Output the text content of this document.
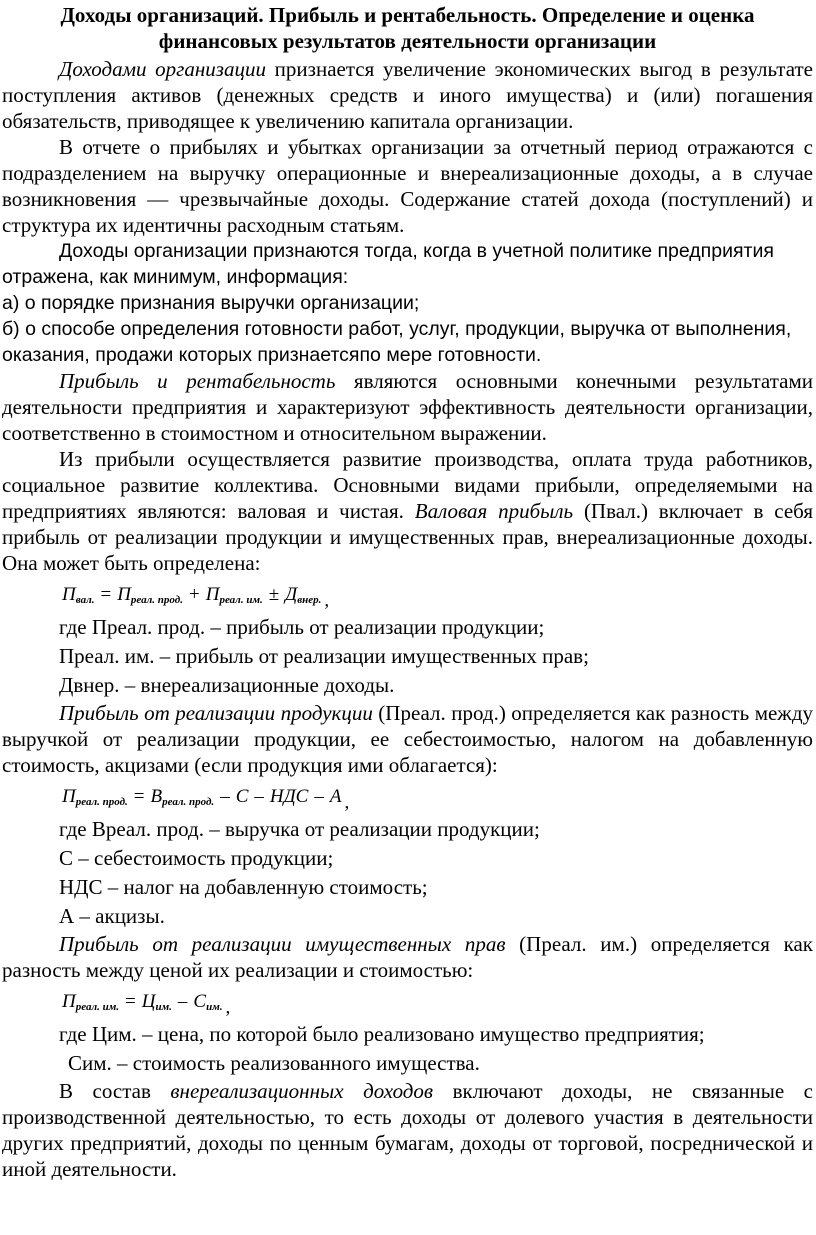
Доходы организаций. Прибыль и рентабельность. Определение и оценка финансовых результатов деятельности организации

Доходами организации признается увеличение экономических выгод в результате поступления активов (денежных средств и иного имущества) и (или) погашения обязательств, приводящее к увеличению капитала организации.

В отчете о прибылях и убытках организации за отчетный период отражаются с подразделением на выручку операционные и внереализационные доходы, а в случае возникновения — чрезвычайные доходы. Содержание статей дохода (поступлений) и структура их идентичны расходным статьям.

Доходы организации признаются тогда, когда в учетной политике предприятия отражена, как минимум, информация:

а) о порядке признания выручки организации;

б) о способе определения готовности работ, услуг, продукции, выручка от выполнения, оказания, продажи которых признаетсяпо мере готовности.

Прибыль и рентабельность являются основными конечными результатами деятельности предприятия и характеризуют эффективность деятельности организации, соответственно в стоимостном и относительном выражении.

Из прибыли осуществляется развитие производства, оплата труда работников, социальное развитие коллектива. Основными видами прибыли, определяемыми на предприятиях являются: валовая и чистая. Валовая прибыль (Пвал.) включает в себя прибыль от реализации продукции и имущественных прав, внереализационные доходы. Она может быть определена:

$П_{вал.} = П_{реал. прод.} + П_{реал. им.} \pm Д_{внер.}$ ,

где Преал. прод. – прибыль от реализации продукции;

Преал. им. – прибыль от реализации имущественных прав;

Двнер. – внереализационные доходы.

Прибыль от реализации продукции (Преал. прод.) определяется как разность между выручкой от реализации продукции, ее себестоимостью, налогом на добавленную стоимость, акцизами (если продукция ими облагается):

$П_{реал. прод.} = В_{реал. прод.} - С$ – НДС – А ,

где Вреал. прод. – выручка от реализации продукции;

С – себестоимость продукции;

НДС – налог на добавленную стоимость;

А – акцизы.

Прибыль от реализации имущественных прав (Преал. им.) определяется как разность между ценой их реализации и стоимостью:

$П_{реал. им.} = Ц_{им.} - С_{им.}$ ,

где Цим. – цена, по которой было реализовано имущество предприятия;

Сим. – стоимость реализованного имущества.

В состав внереализационных доходов включают доходы, не связанные с производственной деятельностью, то есть доходы от долевого участия в деятельности других предприятий, доходы по ценным бумагам, доходы от торговой, посреднической и иной деятельности.
